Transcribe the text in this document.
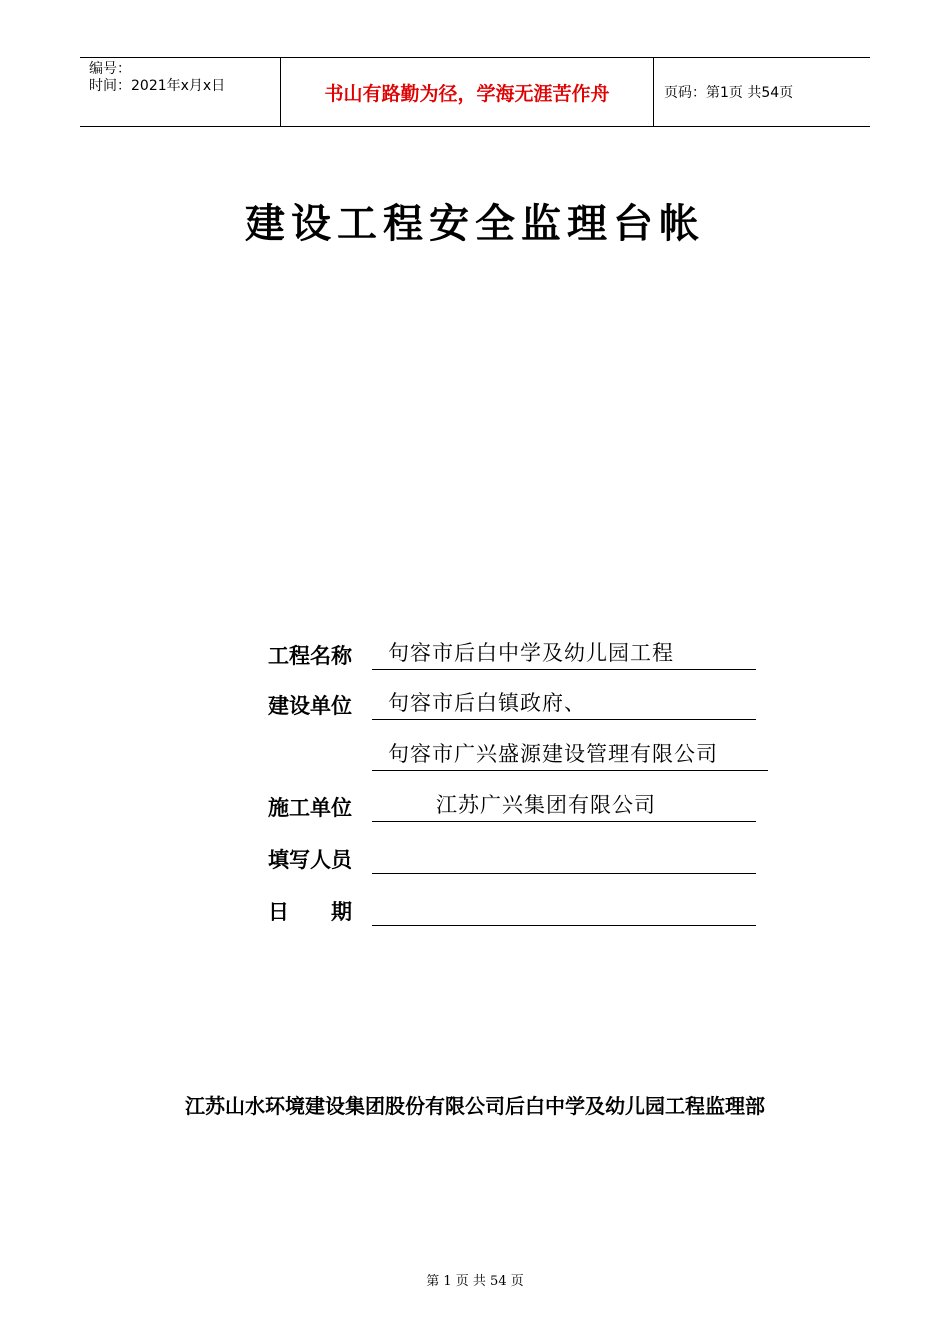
编号：
时间：2021年x月x日	书山有路勤为径，学海无涯苦作舟	页码：第1页 共54页
建设工程安全监理台帐
工程名称	句容市后白中学及幼儿园工程
建设单位	句容市后白镇政府、
句容市广兴盛源建设管理有限公司
施工单位	江苏广兴集团有限公司
填写人员
日　　期
江苏山水环境建设集团股份有限公司后白中学及幼儿园工程监理部
第 1 页 共 54 页
